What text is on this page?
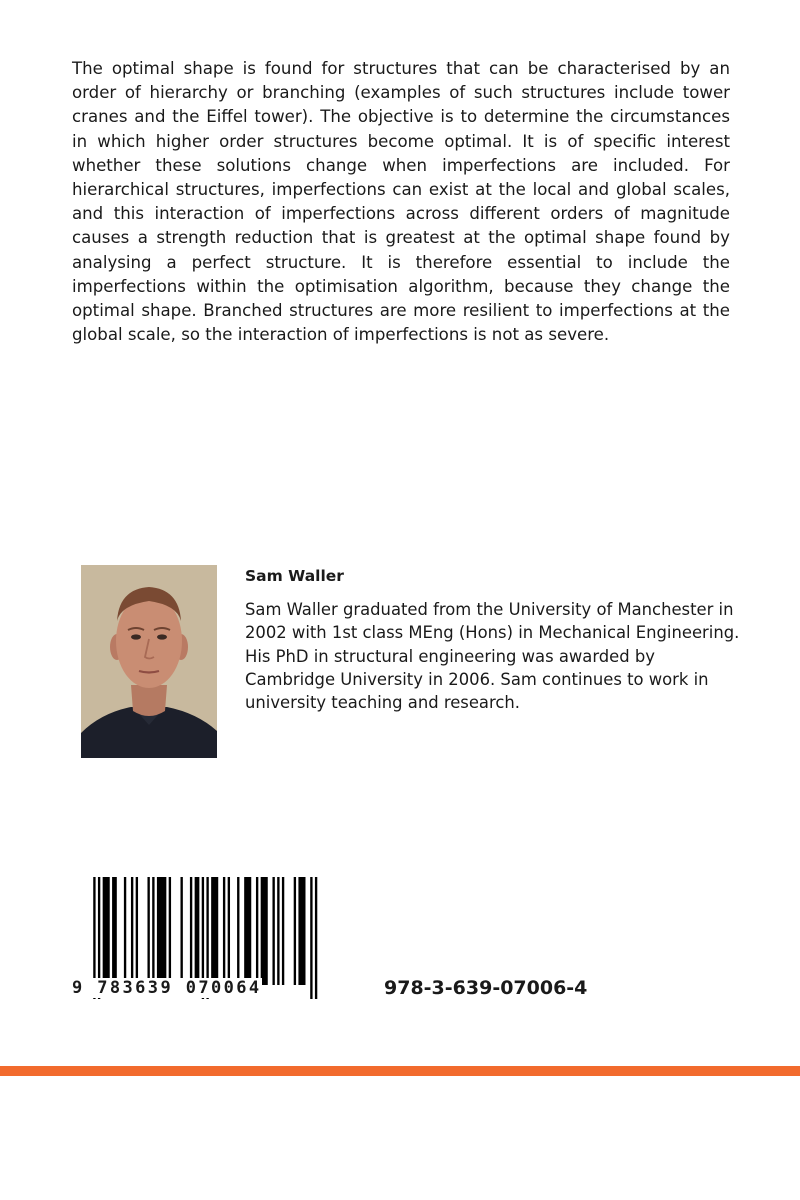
The optimal shape is found for structures that can be characterised by an order of hierarchy or branching (examples of such structures include tower cranes and the Eiffel tower). The objective is to determine the circumstances in which higher order structures become optimal. It is of specific interest whether these solutions change when imperfections are included. For hierarchical structures, imperfections can exist at the local and global scales, and this interaction of imperfections across different orders of magnitude causes a strength reduction that is greatest at the optimal shape found by analysing a perfect structure. It is therefore essential to include the imperfections within the optimisation algorithm, because they change the optimal shape. Branched structures are more resilient to imperfections at the global scale, so the interaction of imperfections is not as severe.

Sam Waller

Sam Waller graduated from the University of Manchester in 2002 with 1st class MEng (Hons) in Mechanical Engineering. His PhD in structural engineering was awarded by Cambridge University in 2006. Sam continues to work in university teaching and research.

9 783639 070064	978-3-639-07006-4
